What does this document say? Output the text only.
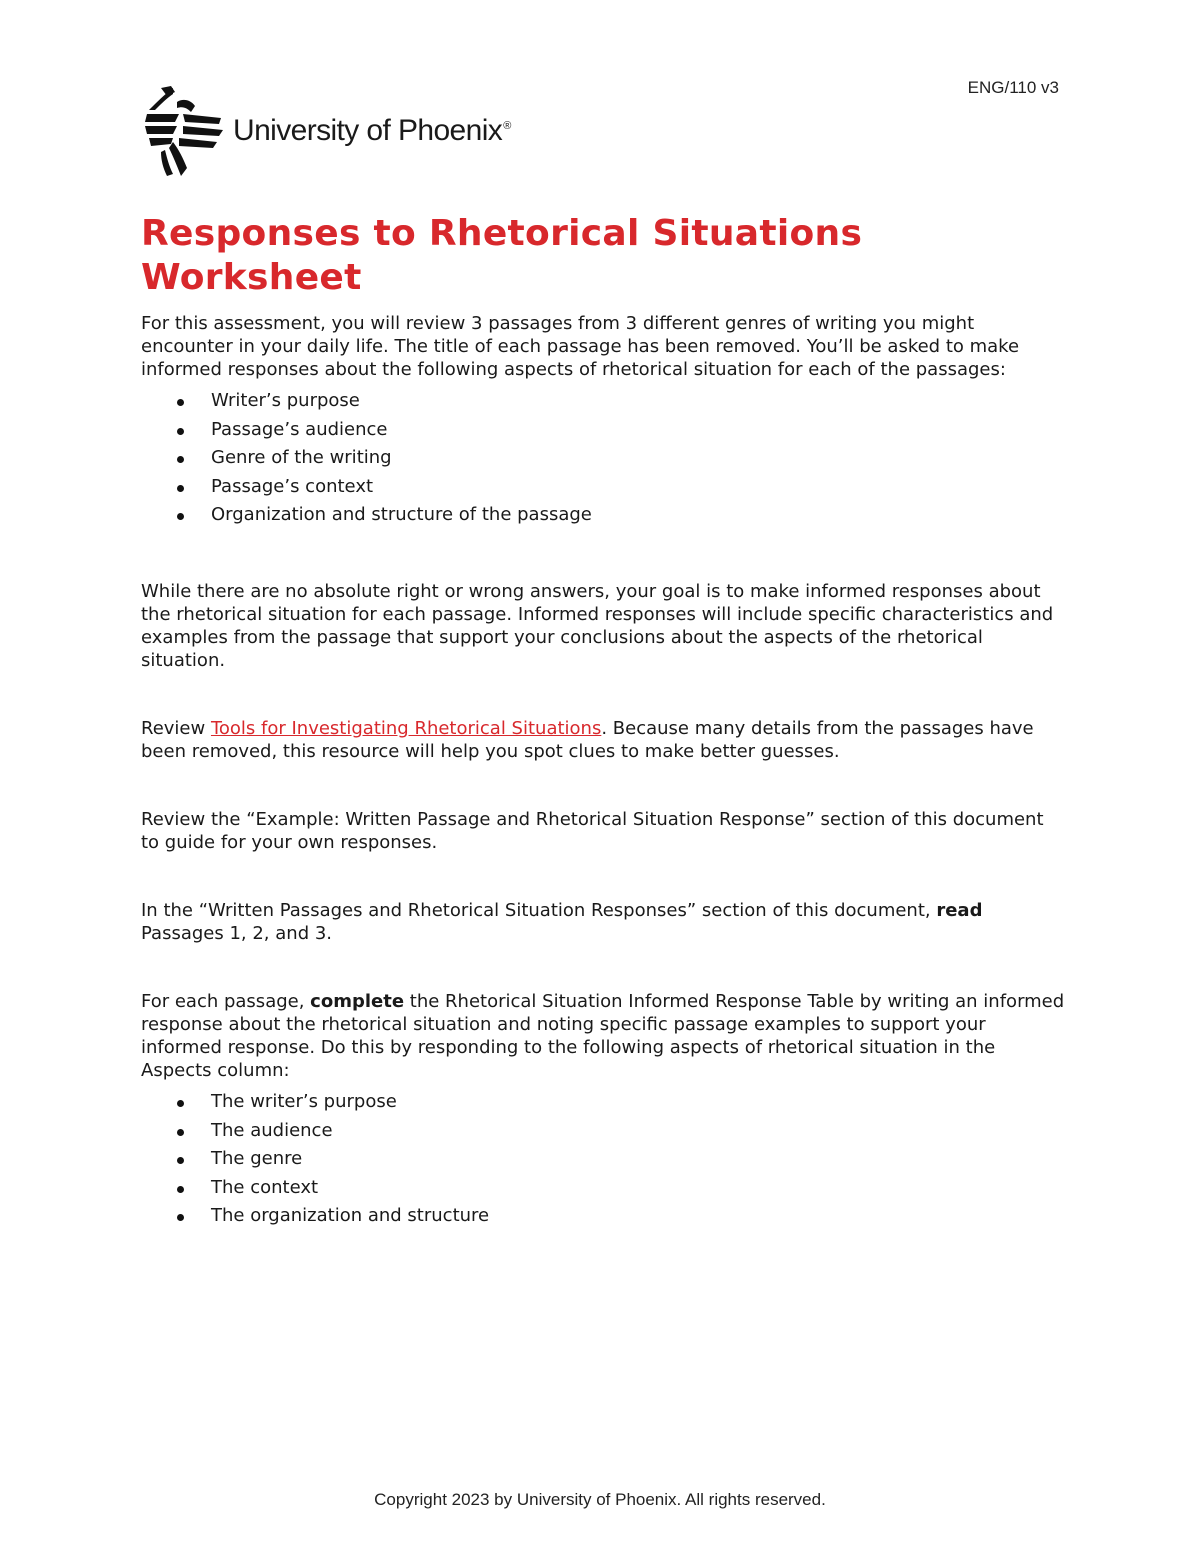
ENG/110 v3
University of Phoenix®
Responses to Rhetorical Situations Worksheet

For this assessment, you will review 3 passages from 3 different genres of writing you might encounter in your daily life. The title of each passage has been removed. You’ll be asked to make informed responses about the following aspects of rhetorical situation for each of the passages:

Writer’s purpose
Passage’s audience
Genre of the writing
Passage’s context
Organization and structure of the passage

While there are no absolute right or wrong answers, your goal is to make informed responses about the rhetorical situation for each passage. Informed responses will include specific characteristics and examples from the passage that support your conclusions about the aspects of the rhetorical situation.

Review Tools for Investigating Rhetorical Situations. Because many details from the passages have been removed, this resource will help you spot clues to make better guesses.

Review the “Example: Written Passage and Rhetorical Situation Response” section of this document to guide for your own responses.

In the “Written Passages and Rhetorical Situation Responses” section of this document, read Passages 1, 2, and 3.

For each passage, complete the Rhetorical Situation Informed Response Table by writing an informed response about the rhetorical situation and noting specific passage examples to support your informed response. Do this by responding to the following aspects of rhetorical situation in the Aspects column:

The writer’s purpose
The audience
The genre
The context
The organization and structure
Copyright 2023 by University of Phoenix. All rights reserved.
